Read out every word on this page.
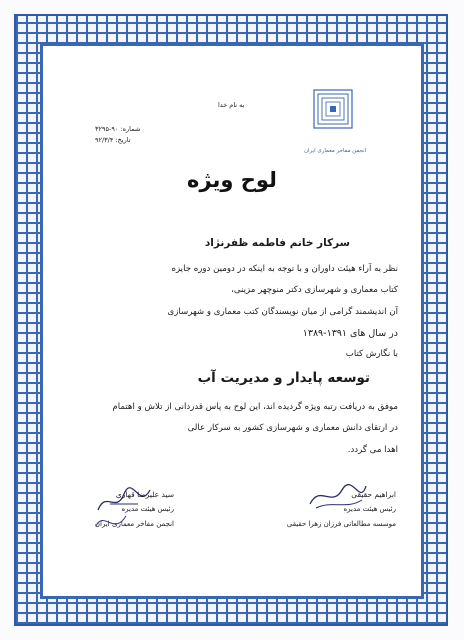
انجمن مفاخر معماری ایران
به نام خدا
شماره: ۹۰-۳۲۹۵
تاریخ: ۹۲/۳/۴
لوح ویژه
سرکار خانم فاطمه ظفرنژاد
نظر به آراء هیئت داوران و با توجه به اینکه در دومین دوره جایزه
کتاب معماری و شهرسازی دکتر منوچهر مزینی،
آن اندیشمند گرامی از میان نویسندگان کتب معماری و شهرسازی
در سال های ۱۳۹۱-۱۳۸۹
با نگارش کتاب
توسعه پایدار و مدیریت آب
موفق به دریافت رتبه ویژه گردیده اند، این لوح به پاس قدردانی از تلاش و اهتمام
در ارتقای دانش معماری و شهرسازی کشور به سرکار عالی
اهدا می گردد.
ابراهیم حقیقی
رئیس هیئت مدیره
موسسه مطالعاتی فرزان زهرا حقیقی
سید علیرضا قهاری
رئیس هیئت مدیره
انجمن مفاخر معماری ایران
